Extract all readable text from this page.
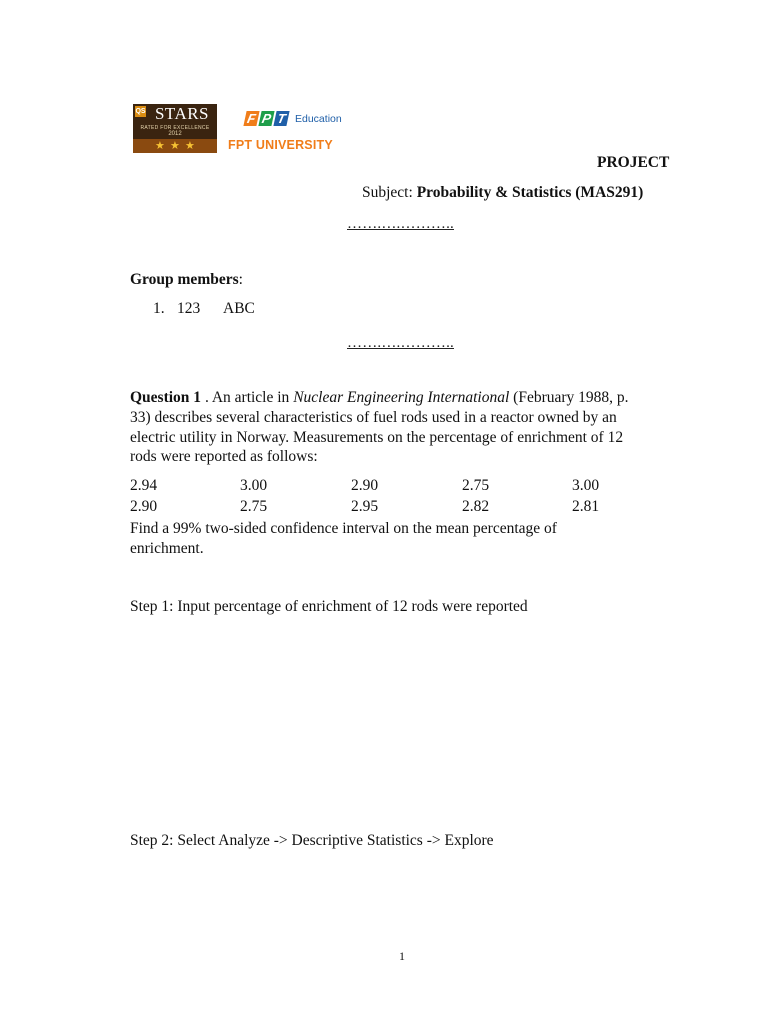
QS STARS
RATED FOR EXCELLENCE
2012
★ ★ ★
F P T Education
FPT UNIVERSITY
PROJECT
Subject: Probability & Statistics (MAS291)
…….….………..
Group members:
1. 123 ABC
…….….………..
Question 1 . An article in Nuclear Engineering International (February 1988, p.
33) describes several characteristics of fuel rods used in a reactor owned by an
electric utility in Norway. Measurements on the percentage of enrichment of 12
rods were reported as follows:
2.94	3.00	2.90	2.75	3.00
2.90	2.75	2.95	2.82	2.81
Find a 99% two-sided confidence interval on the mean percentage of
enrichment.
Step 1: Input percentage of enrichment of 12 rods were reported
Step 2: Select Analyze -> Descriptive Statistics -> Explore
1
